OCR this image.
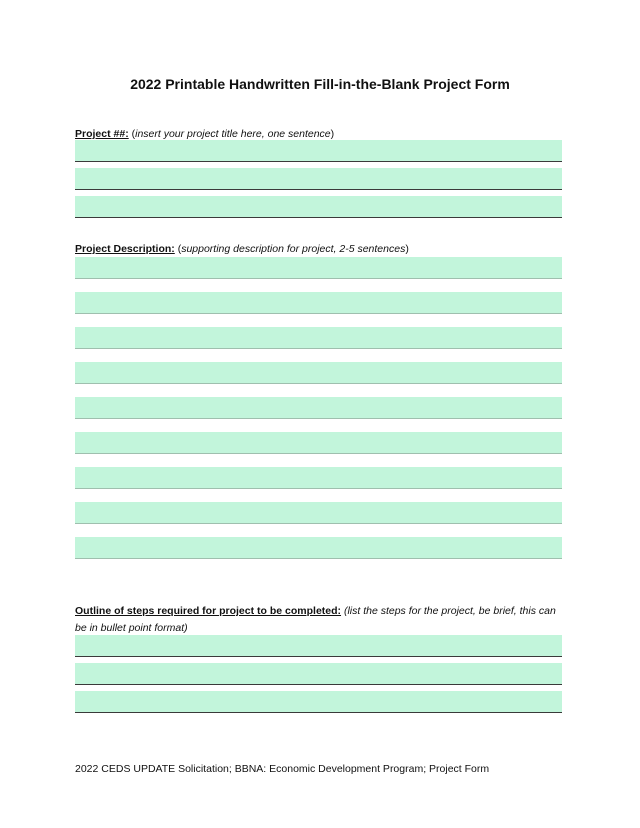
2022 Printable Handwritten Fill-in-the-Blank Project Form
Project ##: (insert your project title here, one sentence)
Project Description: (supporting description for project, 2-5 sentences)
Outline of steps required for project to be completed: (list the steps for the project, be brief, this can be in bullet point format)
2022 CEDS UPDATE Solicitation; BBNA: Economic Development Program; Project Form
